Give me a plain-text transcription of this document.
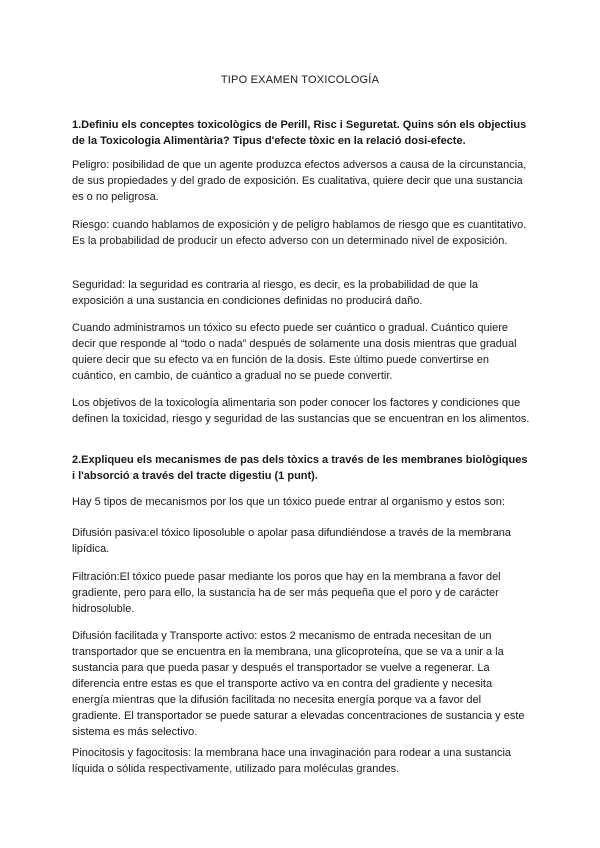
TIPO EXAMEN TOXICOLOGÍA

1.Definiu els conceptes toxicològics de Perill, Risc i Seguretat. Quins són els objectius de la Toxicologia Alimentària? Tipus d'efecte tòxic en la relació dosi-efecte.

Peligro: posibilidad de que un agente produzca efectos adversos a causa de la circunstancia, de sus propiedades y del grado de exposición. Es cualitativa, quiere decir que una sustancia es o no peligrosa.

Riesgo: cuando hablamos de exposición y de peligro hablamos de riesgo que es cuantitativo. Es la probabilidad de producir un efecto adverso con un determinado nivel de exposición.

Seguridad: la seguridad es contraria al riesgo, es decir, es la probabilidad de que la exposición a una sustancia en condiciones definidas no producirá daño.

Cuando administramos un tóxico su efecto puede ser cuántico o gradual. Cuántico quiere decir que responde al “todo o nada” después de solamente una dosis mientras que gradual quiere decir que su efecto va en función de la dosis. Este último puede convertirse en cuántico, en cambio, de cuántico a gradual no se puede convertir.

Los objetivos de la toxicología alimentaria son poder conocer los factores y condiciones que definen la toxicidad, riesgo y seguridad de las sustancias que se encuentran en los alimentos.

2.Expliqueu els mecanismes de pas dels tòxics a través de les membranes biològiques i l'absorció a través del tracte digestiu (1 punt).

Hay 5 tipos de mecanismos por los que un tóxico puede entrar al organismo y estos son:

Difusión pasiva:el tóxico liposoluble o apolar pasa difundiéndose a través de la membrana lipídica.

Filtración:El tóxico puede pasar mediante los poros que hay en la membrana a favor del gradiente, pero para ello, la sustancia ha de ser más pequeña que el poro y de carácter hidrosoluble.

Difusión facilitada y Transporte activo: estos 2 mecanismo de entrada necesitan de un transportador que se encuentra en la membrana, una glicoproteína, que se va a unir a la sustancia para que pueda pasar y después el transportador se vuelve a regenerar. La diferencia entre estas es que el transporte activo va en contra del gradiente y necesita energía mientras que la difusión facilitada no necesita energía porque va a favor del gradiente. El transportador se puede saturar a elevadas concentraciones de sustancia y este sistema es más selectivo.

Pinocitosis y fagocitosis: la membrana hace una invaginación para rodear a una sustancia líquida o sólida respectivamente, utilizado para moléculas grandes.
